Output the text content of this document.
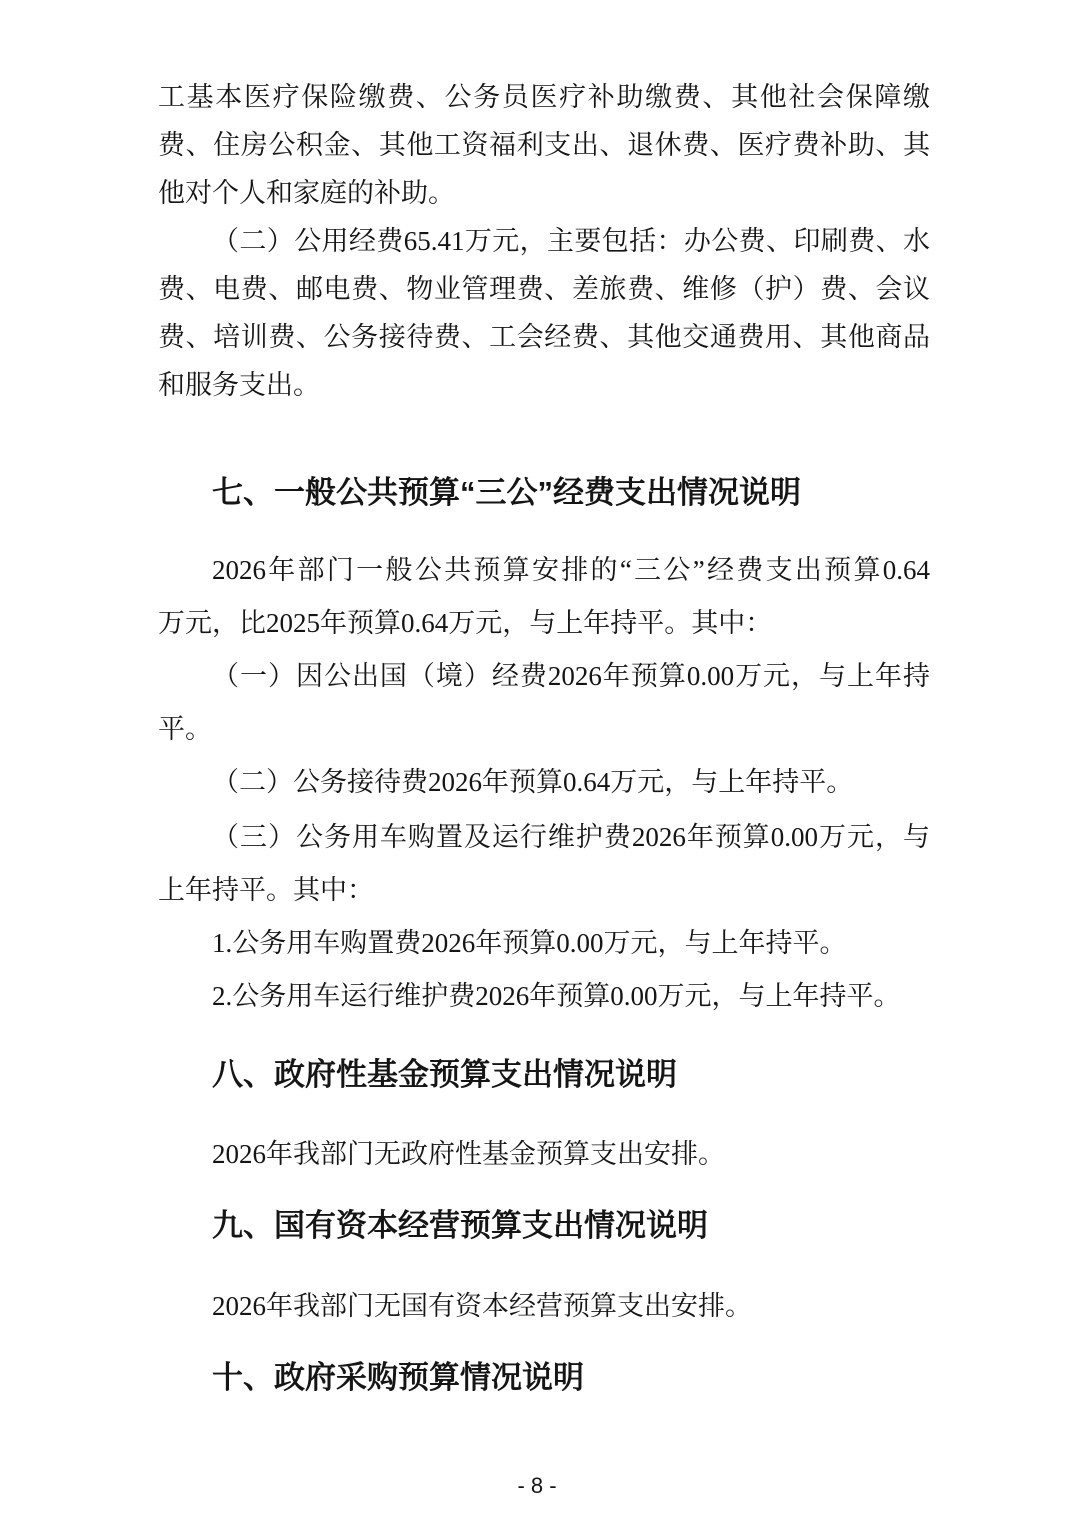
工基本医疗保险缴费、公务员医疗补助缴费、其他社会保障缴
费、住房公积金、其他工资福利支出、退休费、医疗费补助、其
他对个人和家庭的补助。
（二）公用经费65.41万元，主要包括：办公费、印刷费、水
费、电费、邮电费、物业管理费、差旅费、维修（护）费、会议
费、培训费、公务接待费、工会经费、其他交通费用、其他商品
和服务支出。
七、一般公共预算“三公”经费支出情况说明
2026年部门一般公共预算安排的“三公”经费支出预算0.64
万元，比2025年预算0.64万元，与上年持平。其中：
（一）因公出国（境）经费2026年预算0.00万元，与上年持
平。
（二）公务接待费2026年预算0.64万元，与上年持平。
（三）公务用车购置及运行维护费2026年预算0.00万元，与
上年持平。其中：
1.公务用车购置费2026年预算0.00万元，与上年持平。
2.公务用车运行维护费2026年预算0.00万元，与上年持平。
八、政府性基金预算支出情况说明
2026年我部门无政府性基金预算支出安排。
九、国有资本经营预算支出情况说明
2026年我部门无国有资本经营预算支出安排。
十、政府采购预算情况说明
- 8 -
